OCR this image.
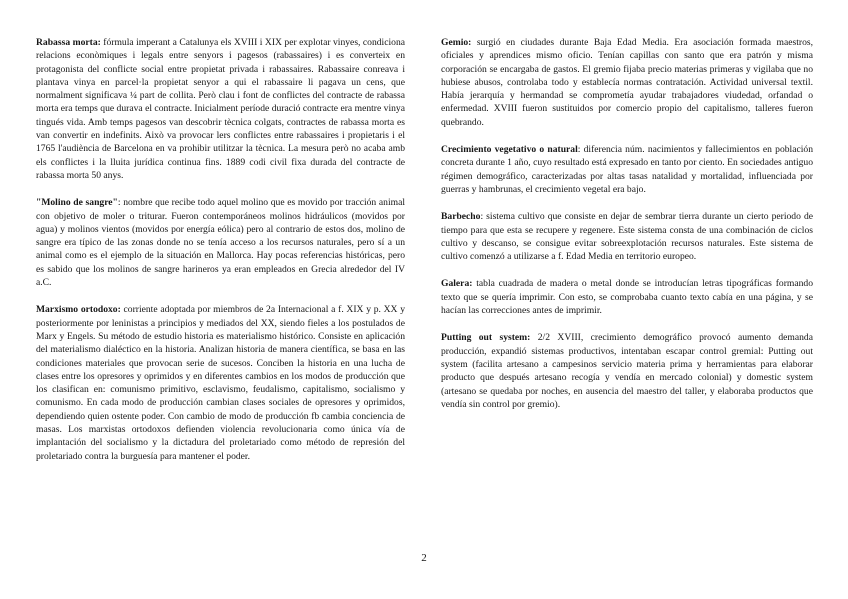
Rabassa morta: fórmula imperant a Catalunya els XVIII i XIX per explotar vinyes, condiciona relacions econòmiques i legals entre senyors i pagesos (rabassaires) i es converteix en protagonista del conflicte social entre propietat privada i rabassaires. Rabassaire conreava i plantava vinya en parcel·la propietat senyor a qui el rabassaire li pagava un cens, que normalment significava ¼ part de collita. Però clau i font de conflictes del contracte de rabassa morta era temps que durava el contracte. Inicialment període duració contracte era mentre vinya tingués vida. Amb temps pagesos van descobrir tècnica colgats, contractes de rabassa morta es van convertir en indefinits. Això va provocar lers conflictes entre rabassaires i propietaris i el 1765 l'audiència de Barcelona en va prohibir utilitzar la tècnica. La mesura però no acaba amb els conflictes i la lluita jurídica continua fins. 1889 codi civil fixa durada del contracte de rabassa morta 50 anys.

"Molino de sangre": nombre que recibe todo aquel molino que es movido por tracción animal con objetivo de moler o triturar. Fueron contemporáneos molinos hidráulicos (movidos por agua) y molinos vientos (movidos por energía eólica) pero al contrario de estos dos, molino de sangre era típico de las zonas donde no se tenía acceso a los recursos naturales, pero sí a un animal como es el ejemplo de la situación en Mallorca. Hay pocas referencias históricas, pero es sabido que los molinos de sangre harineros ya eran empleados en Grecia alrededor del IV a.C.

Marxismo ortodoxo: corriente adoptada por miembros de 2a Internacional a f. XIX y p. XX y posteriormente por leninistas a principios y mediados del XX, siendo fieles a los postulados de Marx y Engels. Su método de estudio historia es materialismo histórico. Consiste en aplicación del materialismo dialéctico en la historia. Analizan historia de manera científica, se basa en las condiciones materiales que provocan serie de sucesos. Conciben la historia en una lucha de clases entre los opresores y oprimidos y en diferentes cambios en los modos de producción que los clasifican en: comunismo primitivo, esclavismo, feudalismo, capitalismo, socialismo y comunismo. En cada modo de producción cambian clases sociales de opresores y oprimidos, dependiendo quien ostente poder. Con cambio de modo de producción fb cambia conciencia de masas. Los marxistas ortodoxos defienden violencia revolucionaria como única vía de implantación del socialismo y la dictadura del proletariado como método de represión del proletariado contra la burguesía para mantener el poder.

Gemio: surgió en ciudades durante Baja Edad Media. Era asociación formada maestros, oficiales y aprendices mismo oficio. Tenían capillas con santo que era patrón y misma corporación se encargaba de gastos. El gremio fijaba precio materias primeras y vigilaba que no hubiese abusos, controlaba todo y establecía normas contratación. Actividad universal textil. Había jerarquía y hermandad se comprometía ayudar trabajadores viudedad, orfandad o enfermedad. XVIII fueron sustituidos por comercio propio del capitalismo, talleres fueron quebrando.

Crecimiento vegetativo o natural: diferencia núm. nacimientos y fallecimientos en población concreta durante 1 año, cuyo resultado está expresado en tanto por ciento. En sociedades antiguo régimen demográfico, caracterizadas por altas tasas natalidad y mortalidad, influenciada por guerras y hambrunas, el crecimiento vegetal era bajo.

Barbecho: sistema cultivo que consiste en dejar de sembrar tierra durante un cierto periodo de tiempo para que esta se recupere y regenere. Este sistema consta de una combinación de ciclos cultivo y descanso, se consigue evitar sobreexplotación recursos naturales. Este sistema de cultivo comenzó a utilizarse a f. Edad Media en territorio europeo.

Galera: tabla cuadrada de madera o metal donde se introducían letras tipográficas formando texto que se quería imprimir. Con esto, se comprobaba cuanto texto cabía en una página, y se hacían las correcciones antes de imprimir.

Putting out system: 2/2 XVIII, crecimiento demográfico provocó aumento demanda producción, expandió sistemas productivos, intentaban escapar control gremial: Putting out system (facilita artesano a campesinos servicio materia prima y herramientas para elaborar producto que después artesano recogía y vendía en mercado colonial) y domestic system (artesano se quedaba por noches, en ausencia del maestro del taller, y elaboraba productos que vendía sin control por gremio).

2
